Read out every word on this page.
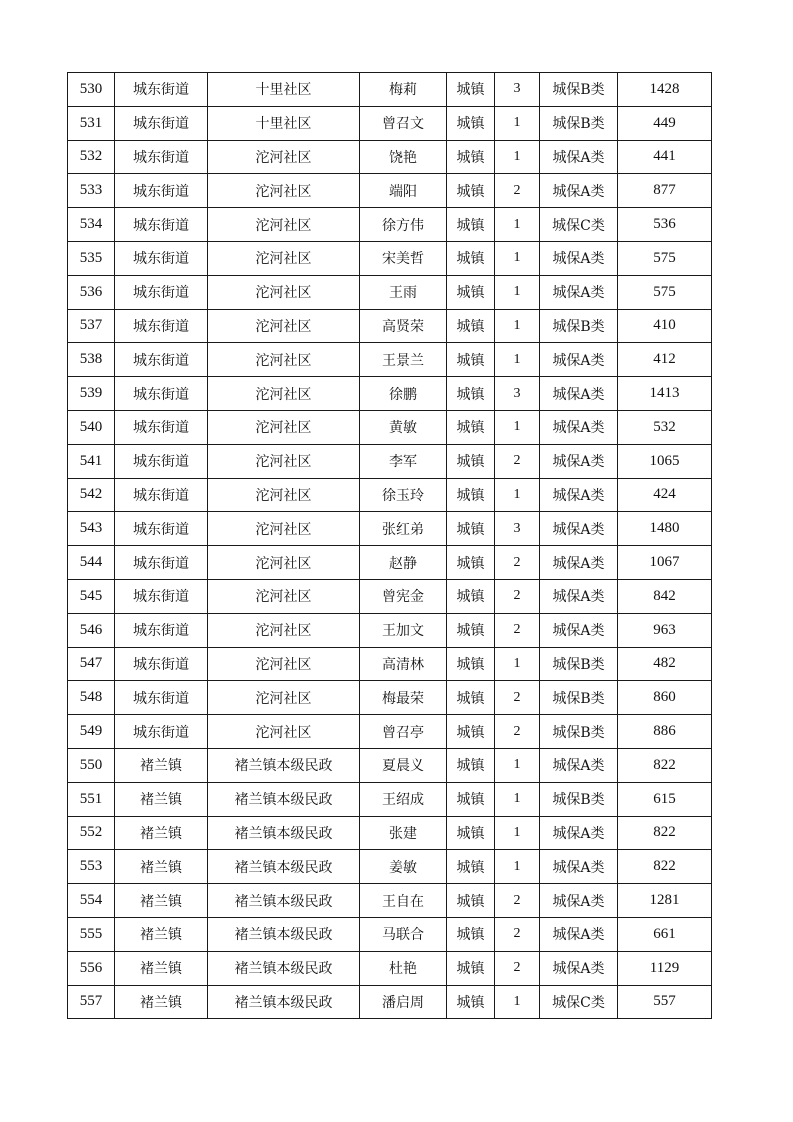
530	城东街道	十里社区	梅莉	城镇	3	城保B类	1428
531	城东街道	十里社区	曾召文	城镇	1	城保B类	449
532	城东街道	沱河社区	饶艳	城镇	1	城保A类	441
533	城东街道	沱河社区	端阳	城镇	2	城保A类	877
534	城东街道	沱河社区	徐方伟	城镇	1	城保C类	536
535	城东街道	沱河社区	宋美哲	城镇	1	城保A类	575
536	城东街道	沱河社区	王雨	城镇	1	城保A类	575
537	城东街道	沱河社区	高贤荣	城镇	1	城保B类	410
538	城东街道	沱河社区	王景兰	城镇	1	城保A类	412
539	城东街道	沱河社区	徐鹏	城镇	3	城保A类	1413
540	城东街道	沱河社区	黄敏	城镇	1	城保A类	532
541	城东街道	沱河社区	李军	城镇	2	城保A类	1065
542	城东街道	沱河社区	徐玉玲	城镇	1	城保A类	424
543	城东街道	沱河社区	张红弟	城镇	3	城保A类	1480
544	城东街道	沱河社区	赵静	城镇	2	城保A类	1067
545	城东街道	沱河社区	曾宪金	城镇	2	城保A类	842
546	城东街道	沱河社区	王加文	城镇	2	城保A类	963
547	城东街道	沱河社区	高清林	城镇	1	城保B类	482
548	城东街道	沱河社区	梅最荣	城镇	2	城保B类	860
549	城东街道	沱河社区	曾召亭	城镇	2	城保B类	886
550	褚兰镇	褚兰镇本级民政	夏晨义	城镇	1	城保A类	822
551	褚兰镇	褚兰镇本级民政	王绍成	城镇	1	城保B类	615
552	褚兰镇	褚兰镇本级民政	张建	城镇	1	城保A类	822
553	褚兰镇	褚兰镇本级民政	姜敏	城镇	1	城保A类	822
554	褚兰镇	褚兰镇本级民政	王自在	城镇	2	城保A类	1281
555	褚兰镇	褚兰镇本级民政	马联合	城镇	2	城保A类	661
556	褚兰镇	褚兰镇本级民政	杜艳	城镇	2	城保A类	1129
557	褚兰镇	褚兰镇本级民政	潘启周	城镇	1	城保C类	557
